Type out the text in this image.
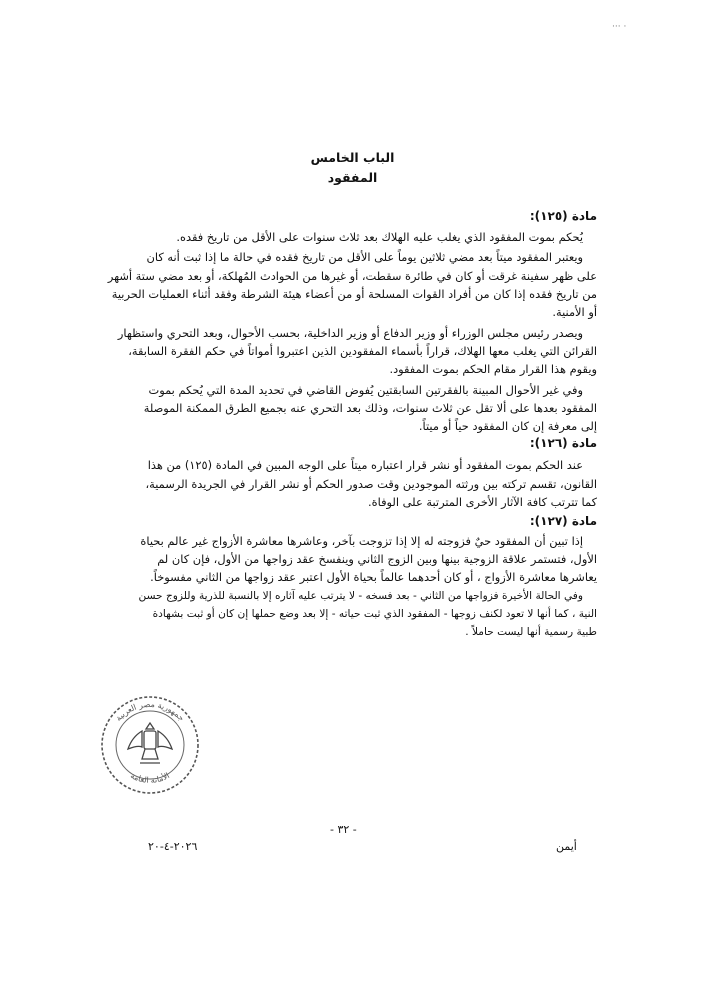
··· ·
الباب الخامس
المفقود
مادة (١٢٥):
يُحكم بموت المفقود الذي يغلب عليه الهلاك بعد ثلاث سنوات على الأقل من تاريخ فقده.
ويعتبر المفقود ميتاً بعد مضي ثلاثين يوماً على الأقل من تاريخ فقده في حالة ما إذا ثبت أنه كان
على ظهر سفينة غرقت أو كان في طائرة سقطت، أو غيرها من الحوادث المُهلكة، أو بعد مضي ستة أشهر
من تاريخ فقده إذا كان من أفراد القوات المسلحة أو من أعضاء هيئة الشرطة وفقد أثناء العمليات الحربية
أو الأمنية.
ويصدر رئيس مجلس الوزراء أو وزير الدفاع أو وزير الداخلية، بحسب الأحوال، وبعد التحري واستظهار
القرائن التي يغلب معها الهلاك، قراراً بأسماء المفقودين الذين اعتبروا أمواتاً في حكم الفقرة السابقة،
ويقوم هذا القرار مقام الحكم بموت المفقود.
وفي غير الأحوال المبينة بالفقرتين السابقتين يُفوض القاضي في تحديد المدة التي يُحكم بموت
المفقود بعدها على ألا تقل عن ثلاث سنوات، وذلك بعد التحري عنه بجميع الطرق الممكنة الموصلة
إلى معرفة إن كان المفقود حياً أو ميتاً.
مادة (١٢٦):
عند الحكم بموت المفقود أو نشر قرار اعتباره ميتاً على الوجه المبين في المادة (١٢٥) من هذا
القانون، تقسم تركته بين ورثته الموجودين وقت صدور الحكم أو نشر القرار في الجريدة الرسمية،
كما تترتب كافة الآثار الأخرى المترتبة على الوفاة.
مادة (١٢٧):
إذا تبين أن المفقود حيٌ فزوجته له إلا إذا تزوجت بآخر، وعاشرها معاشرة الأزواج غير عالم بحياة
الأول، فتستمر علاقة الزوجية بينها وبين الزوج الثاني وينفسخ عقد زواجها من الأول، فإن كان لم
يعاشرها معاشرة الأزواج ، أو كان أحدهما عالماً بحياة الأول اعتبر عقد زواجها من الثاني مفسوخاً.
وفي الحالة الأخيرة فزواجها من الثاني - بعد فسخه - لا يترتب عليه آثاره إلا بالنسبة للذرية وللزوج حسن
النية ، كما أنها لا تعود لكنف زوجها - المفقود الذي ثبت حياته - إلا بعد وضع حملها إن كان أو ثبت بشهادة
طبية رسمية أنها ليست حاملاً .
جمهورية مصر العربية
الأمانة العامة
- ٣٢ -
٢٠٢٦-٤-٢٠	أيمن
